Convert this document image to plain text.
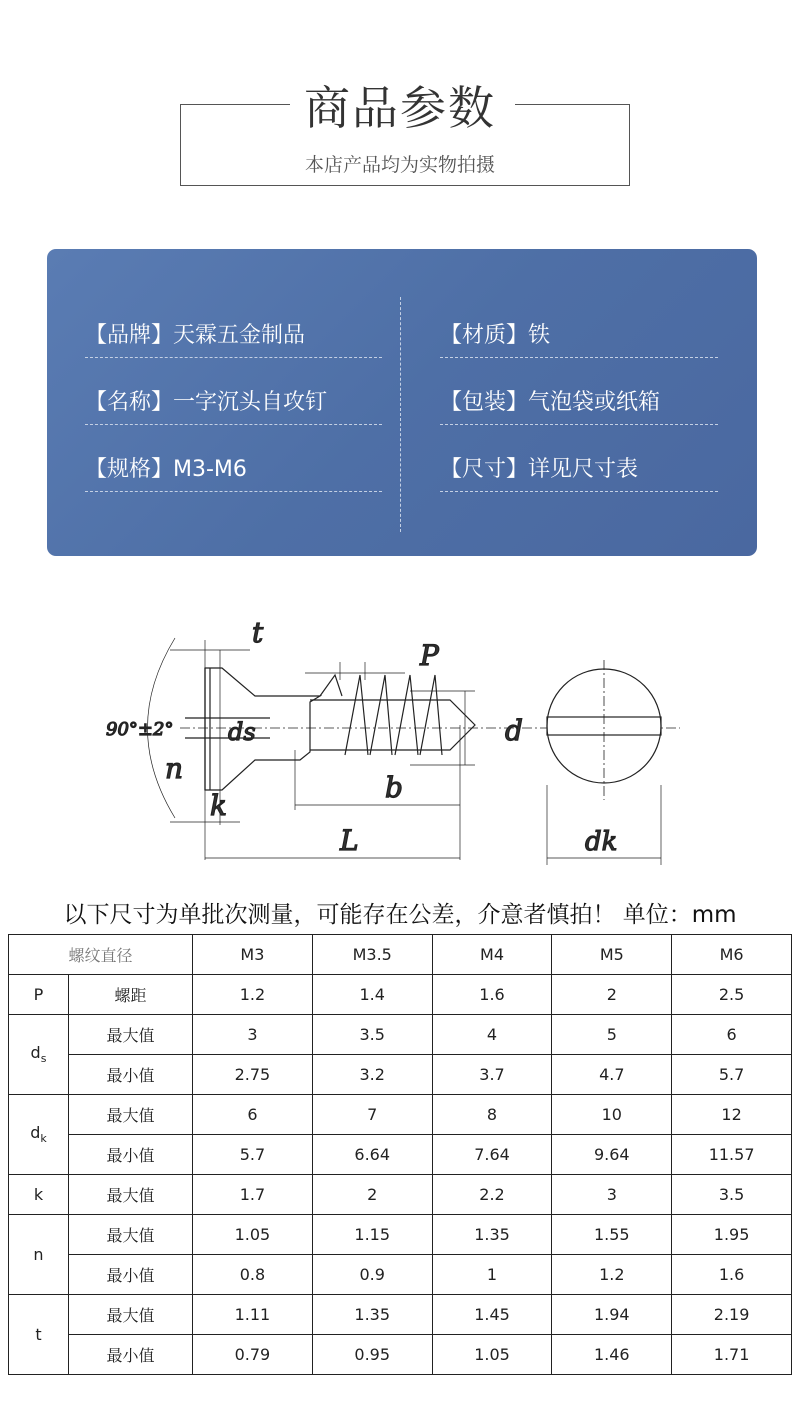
商品参数
本店产品均为实物拍摄
【品牌】天霖五金制品	【材质】铁
【名称】一字沉头自攻钉	【包装】气泡袋或纸箱
【规格】M3-M6	【尺寸】详见尺寸表
t
P
90°±2° ds	d
n
k
b
L	dk
以下尺寸为单批次测量，可能存在公差，介意者慎拍！ 单位：mm
螺纹直径		M3	M3.5	M4	M5	M6
P	螺距	1.2	1.4	1.6	2	2.5
$d_s$	最大值	3	3.5	4	5	6
	最小值	2.75	3.2	3.7	4.7	5.7
$d_k$	最大值	6	7	8	10	12
	最小值	5.7	6.64	7.64	9.64	11.57
k	最大值	1.7	2	2.2	3	3.5
n	最大值	1.05	1.15	1.35	1.55	1.95
	最小值	0.8	0.9	1	1.2	1.6
t	最大值	1.11	1.35	1.45	1.94	2.19
	最小值	0.79	0.95	1.05	1.46	1.71
